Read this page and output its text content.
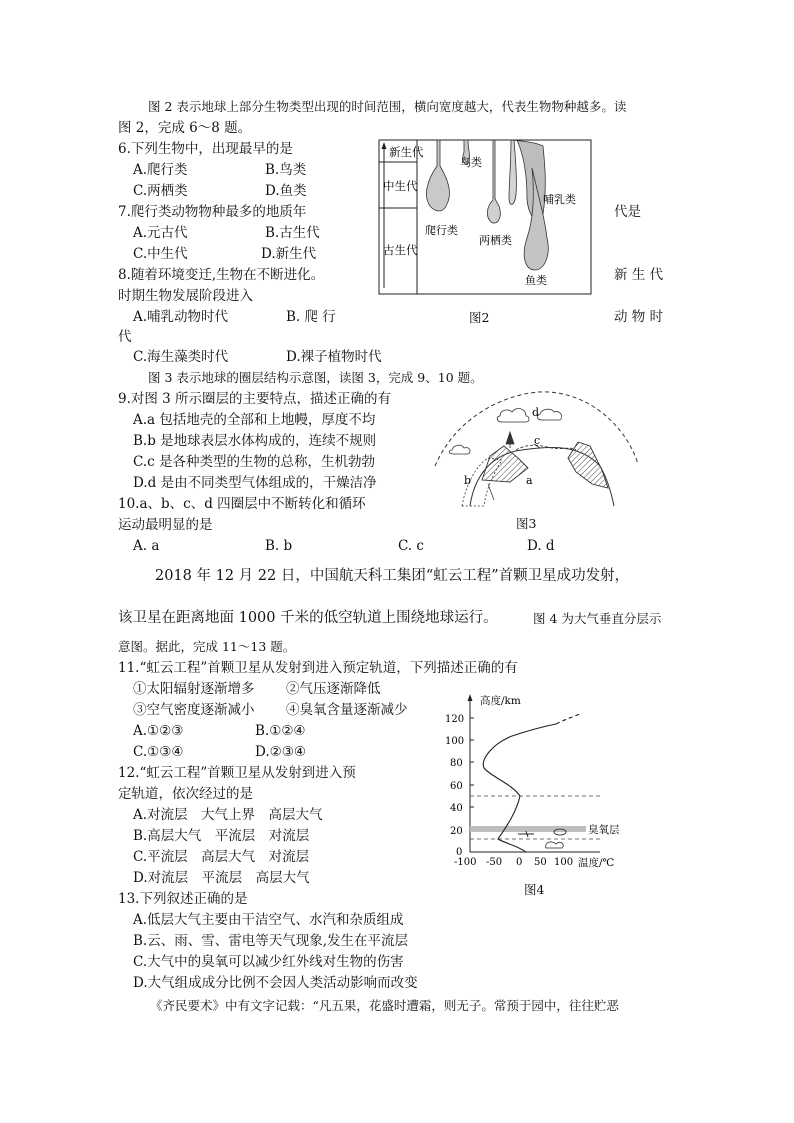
图 2 表示地球上部分生物类型出现的时间范围，横向宽度越大，代表生物物种越多。读
图 2，完成 6～8 题。
6.下列生物中，出现最早的是
A.爬行类	B.鸟类
C.两栖类	D.鱼类
7.爬行类动物物种最多的地质年	代是
A.元古代	B.古生代
C.中生代	D.新生代
8.随着环境变迁,生物在不断进化。	新 生 代
时期生物发展阶段进入
A.哺乳动物时代	B. 爬 行	动 物 时
代
C.海生藻类时代	D.裸子植物时代
新生代
中生代
古生代
鸟类
哺乳类
爬行类
两栖类
鱼类
图2
图 3 表示地球的圈层结构示意图，读图 3，完成 9、10 题。
9.对图 3 所示圈层的主要特点，描述正确的有
A.a 包括地壳的全部和上地幔，厚度不均
B.b 是地球表层水体构成的，连续不规则
C.c 是各种类型的生物的总称，生机勃勃
D.d 是由不同类型气体组成的，干燥洁净
10.a、b、c、d 四圈层中不断转化和循环
运动最明显的是
A. a	B. b	C. c	D. d
a
b
c
d
图3
2018 年 12 月 22 日，中国航天科工集团“虹云工程”首颗卫星成功发射，
该卫星在距离地面 1000 千米的低空轨道上围绕地球运行。	图 4 为大气垂直分层示
意图。据此，完成 11～13 题。
11.“虹云工程”首颗卫星从发射到进入预定轨道，下列描述正确的有
①太阳辐射逐渐增多 ②气压逐渐降低
③空气密度逐渐减小 ④臭氧含量逐渐减少
A.①②③	B.①②④
C.①③④	D.②③④
12.“虹云工程”首颗卫星从发射到进入预
定轨道，依次经过的是
A.对流层　大气上界　高层大气
B.高层大气　平流层　对流层
C.平流层　高层大气　对流层
D.对流层　平流层　高层大气
高度/km
120
100
80
60
40
20
0
-100 -50 0 50 100 温度/℃
臭氧层
图4
13.下列叙述正确的是
A.低层大气主要由干洁空气、水汽和杂质组成
B.云、雨、雪、雷电等天气现象,发生在平流层
C.大气中的臭氧可以减少红外线对生物的伤害
D.大气组成成分比例不会因人类活动影响而改变
《齐民要术》中有文字记载：“凡五果，花盛时遭霜，则无子。常预于园中，往往贮恶
